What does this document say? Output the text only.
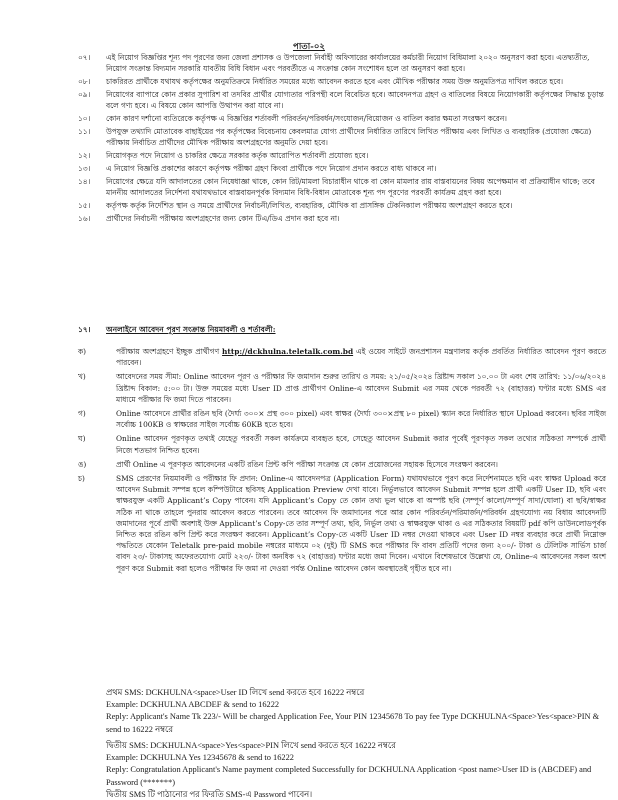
পাতা-০২
০৭।	এই নিয়োগ বিজ্ঞপ্তির শূন্য পদ পূরণের জন্য জেলা প্রশাসক ও উপজেলা নির্বাহী অফিসারের কার্যালয়ের কর্মচারী নিয়োগ বিধিমালা ২০২০ অনুসরণ করা হবে। এতদ্ব্যতীত, নিয়োগ সংক্রান্ত বিদ্যমান সরকারি যাবতীয় বিধি বিধান এবং পরবর্তীতে এ সংক্রান্ত কোন সংশোধন হলে তা অনুসরণ করা হবে।
০৮।	চাকরিরত প্রার্থীকে যথাযথ কর্তৃপক্ষের অনুমতিক্রমে নির্ধারিত সময়ের মধ্যে আবেদন করতে হবে এবং মৌখিক পরীক্ষার সময় উক্ত অনুমতিপত্র দাখিল করতে হবে।
০৯।	নিয়োগের ব্যাপারে কোন প্রকার সুপারিশ বা তদবির প্রার্থীর যোগ্যতার পরিপন্থী বলে বিবেচিত হবে। আবেদনপত্র গ্রহণ ও বাতিলের বিষয়ে নিয়োগকারী কর্তৃপক্ষের সিদ্ধান্ত চূড়ান্ত বলে গণ্য হবে। এ বিষয়ে কোন আপত্তি উত্থাপন করা যাবে না।
১০।	কোন কারণ দর্শানো ব্যতিরেকে কর্তৃপক্ষ এ বিজ্ঞপ্তির শর্তাবলী পরিবর্তন/পরিবর্ধন/সংযোজন/বিয়োজন ও বাতিল করার ক্ষমতা সংরক্ষণ করেন।
১১।	উপযুক্ত তথ্যাদি মোতাবেক বাছাইয়ের পর কর্তৃপক্ষের বিবেচনায় কেবলমাত্র যোগ্য প্রার্থীদের নির্ধারিত তারিখে লিখিত পরীক্ষায় এবং লিখিত ও ব্যবহারিক (প্রযোজ্য ক্ষেত্রে) পরীক্ষায় নির্বাচিত প্রার্থীদের মৌখিক পরীক্ষায় অংশগ্রহণের অনুমতি দেয়া হবে।
১২।	নিয়োগকৃত পদে নিয়োগ ও চাকরির ক্ষেত্রে সরকার কর্তৃক আরোপিত শর্তাবলী প্রযোজ্য হবে।
১৩।	এ নিয়োগ বিজ্ঞপ্তি প্রকাশের কারণে কর্তৃপক্ষ পরীক্ষা গ্রহণ কিংবা প্রার্থীকে পদে নিয়োগ প্রদান করতে বাধ্য থাকবে না।
১৪।	নিয়োগের ক্ষেত্রে যদি আদালতের কোন নিষেধাজ্ঞা থাকে, কোন রিট/মামলা বিচারাধীন থাকে বা কোন মামলার রায় বাস্তবায়নের বিষয় অপেক্ষমান বা প্রক্রিয়াধীন থাকে; তবে মাননীয় আদালতের নির্দেশনা যথাযথভাবে বাস্তবায়নপূর্বক বিদ্যমান বিধি-বিধান মোতাবেক শূন্য পদ পূরণের পরবর্তী কার্যক্রম গ্রহণ করা হবে।
১৫।	কর্তৃপক্ষ কর্তৃক নির্দেশিত স্থান ও সময়ে প্রার্থীদের নির্বাচনী/লিখিত, ব্যবহারিক, মৌখিক বা প্রাসঙ্গিক টেকনিক্যাল পরীক্ষায় অংশগ্রহণ করতে হবে।
১৬।	প্রার্থীদের নির্বাচনী পরীক্ষায় অংশগ্রহণের জন্য কোন টিএ/ডিএ প্রদান করা হবে না।
১৭। অনলাইনে আবেদন পূরণ সংক্রান্ত নিয়মাবলী ও শর্তাবলী:
ক)	পরীক্ষায় অংশগ্রহণে ইচ্ছুক প্রার্থীগণ http://dckhulna.teletalk.com.bd এই ওয়েব সাইটে জনপ্রশাসন মন্ত্রণালয় কর্তৃক প্রবর্তিত নির্ধারিত আবেদন পূরণ করতে পারবেন।
খ)	আবেদনের সময় সীমা: Online আবেদন পূরণ ও পরীক্ষার ফি জমাদান শুরুর তারিখ ও সময়: ২১/০৫/২০২৪ খ্রিষ্টাব্দ সকাল ১০.০০ টা এবং শেষ তারিখ: ১১/০৬/২০২৪ খ্রিষ্টাব্দ বিকাল: ৫:০০ টা। উক্ত সময়ের মধ্যে User ID প্রাপ্ত প্রার্থীগণ Online-এ আবেদন Submit এর সময় থেকে পরবর্তী ৭২ (বাহাত্তর) ঘণ্টার মধ্যে SMS এর মাধ্যমে পরীক্ষার ফি জমা দিতে পারবেন।
গ)	Online আবেদনে প্রার্থীর রঙিন ছবি (দৈর্ঘ্য ৩০০× প্রস্থ ৩০০ pixel) এবং স্বাক্ষর (দৈর্ঘ্য ৩০০×প্রস্থ ৮০ pixel) স্ক্যান করে নির্ধারিত স্থানে Upload করবেন। ছবির সাইজ সর্বোচ্চ 100KB ও স্বাক্ষরের সাইজ সর্বোচ্চ 60KB হতে হবে।
ঘ)	Online আবেদন পূরণকৃত তথ্যই যেহেতু পরবর্তী সকল কার্যক্রমে ব্যবহৃত হবে, সেহেতু আবেদন Submit করার পূর্বেই পূরণকৃত সকল তথ্যের সঠিকতা সম্পর্কে প্রার্থী নিজে শতভাগ নিশ্চিত হবেন।
ঙ)	প্রার্থী Online এ পূরণকৃত আবেদনের একটি রঙিন প্রিন্ট কপি পরীক্ষা সংক্রান্ত যে কোন প্রয়োজনের সহায়ক হিসেবে সংরক্ষণ করবেন।
চ)	SMS প্রেরণের নিয়মাবলী ও পরীক্ষার ফি প্রদান: Online-এ আবেদনপত্র (Application Form) যথাযথভাবে পূরণ করে নির্দেশনামতে ছবি এবং স্বাক্ষর Upload করে আবেদন Submit সম্পন্ন হলে কম্পিউটারে ছবিসহ Application Preview দেখা যাবে। নির্ভুলভাবে আবেদন Submit সম্পন্ন হলে প্রার্থী একটি User ID, ছবি এবং স্বাক্ষরযুক্ত একটি Applicant’s Copy পাবেন। যদি Applicant’s Copy তে কোন তথ্য ভুল থাকে বা অস্পষ্ট ছবি (সম্পূর্ণ কালো/সম্পূর্ণ সাদা/ঘোলা) বা ছবি/স্বাক্ষর সঠিক না থাকে তাহলে পুনরায় আবেদন করতে পারবেন। তবে আবেদন ফি জমাদানের পরে আর কোন পরিবর্তন/পরিমার্জন/পরিবর্ধন গ্রহণযোগ্য নয় বিধায় আবেদনটি জমাদানের পূর্বে প্রার্থী অবশ্যই উক্ত Applicant’s Copy-তে তার সম্পূর্ণ তথ্য, ছবি, নির্ভুল তথ্য ও স্বাক্ষরযুক্ত থাকা ও এর সঠিকতার বিষয়টি pdf কপি ডাউনলোডপূর্বক নিশ্চিত করে রঙিন কপি প্রিন্ট করে সংরক্ষণ করবেন। Applicant’s Copy-তে একটি User ID নম্বর দেওয়া থাকবে এবং User ID নম্বর ব্যবহার করে প্রার্থী নিম্নোক্ত পদ্ধতিতে যেকোন Teletalk pre-paid mobile নম্বরের মাধ্যমে ০২ (দুই) টি SMS করে পরীক্ষার ফি বাবদ প্রতিটি পদের জন্য ২০০/- টাকা ও টেলিটক সার্ভিস চার্জ বাবদ ২৩/- টাকাসহ অফেরতযোগ্য মোট ২২৩/- টাকা অনধিক ৭২ (বাহাত্তর) ঘণ্টার মধ্যে জমা দিবেন। এখানে বিশেষভাবে উল্লেখ্য যে, Online-এ আবেদনের সকল অংশ পূরণ করে Submit করা হলেও পরীক্ষার ফি জমা না দেওয়া পর্যন্ত Online আবেদন কোন অবস্থাতেই গৃহীত হবে না।

প্রথম SMS: DCKHULNA<space>User ID লিখে send করতে হবে 16222 নম্বরে

Example: DCKHULNA ABCDEF & send to 16222

Reply: Applicant's Name Tk 223/- Will be charged Application Fee, Your PIN 12345678 To pay fee Type DCKHULNA<Space>Yes<space>PIN & send to 16222 নম্বরে

দ্বিতীয় SMS: DCKHULNA<space>Yes<space>PIN লিখে send করতে হবে 16222 নম্বরে

Example: DCKHULNA Yes 12345678 & send to 16222

Reply: Congratulation Applicant's Name payment completed Successfully for DCKHULNA Application <post name>User ID is (ABCDEF) and Password (*******)

দ্বিতীয় SMS টি পাঠানোর পর ফিরতি SMS-এ Password পাবেন।
